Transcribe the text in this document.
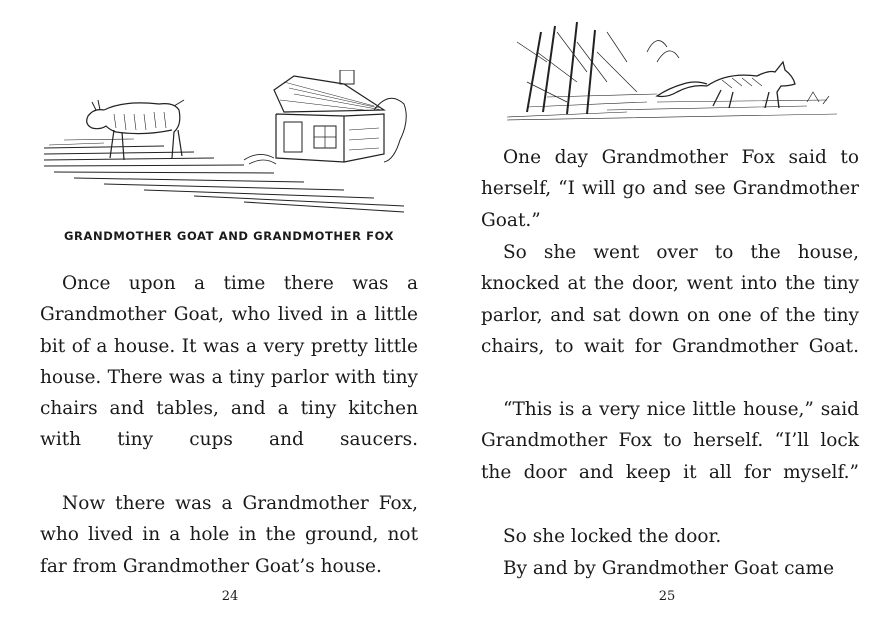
GRANDMOTHER GOAT AND GRANDMOTHER FOX

Once upon a time there was a Grandmother Goat, who lived in a little bit of a house. It was a very pretty little house. There was a tiny parlor with tiny chairs and tables, and a tiny kitchen with tiny cups and saucers.

Now there was a Grandmother Fox, who lived in a hole in the ground, not far from Grandmother Goat’s house.

24

One day Grandmother Fox said to herself, “I will go and see Grandmother Goat.”

So she went over to the house, knocked at the door, went into the tiny parlor, and sat down on one of the tiny chairs, to wait for Grandmother Goat.

“This is a very nice little house,” said Grandmother Fox to herself. “I’ll lock the door and keep it all for myself.”

So she locked the door.

By and by Grandmother Goat came

25
